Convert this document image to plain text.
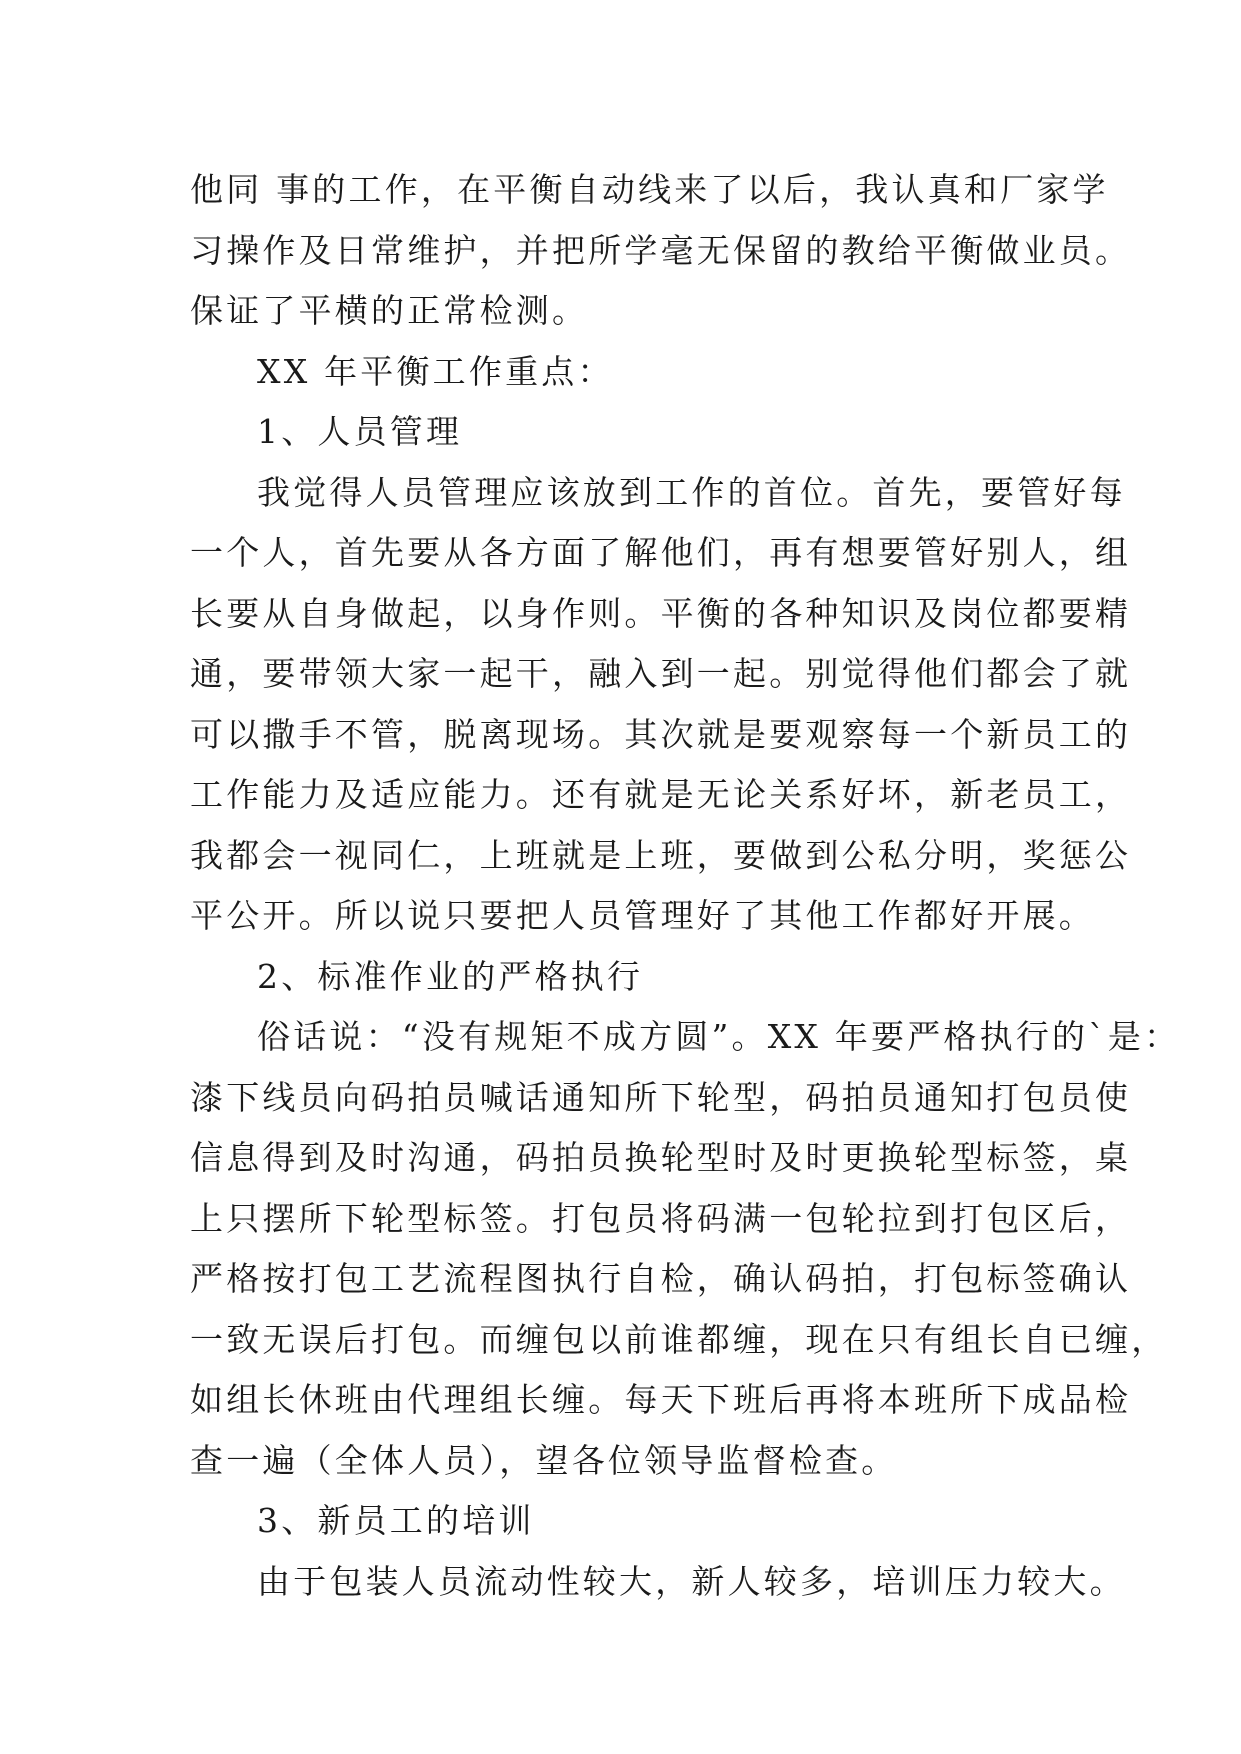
他同 事的工作，在平衡自动线来了以后，我认真和厂家学
习操作及日常维护，并把所学毫无保留的教给平衡做业员。
保证了平横的正常检测。
XX 年平衡工作重点：
1、人员管理
我觉得人员管理应该放到工作的首位。首先，要管好每
一个人，首先要从各方面了解他们，再有想要管好别人，组
长要从自身做起，以身作则。平衡的各种知识及岗位都要精
通，要带领大家一起干，融入到一起。别觉得他们都会了就
可以撒手不管，脱离现场。其次就是要观察每一个新员工的
工作能力及适应能力。还有就是无论关系好坏，新老员工，
我都会一视同仁，上班就是上班，要做到公私分明，奖惩公
平公开。所以说只要把人员管理好了其他工作都好开展。
2、标准作业的严格执行
俗话说：“没有规矩不成方圆”。XX 年要严格执行的`是：
漆下线员向码拍员喊话通知所下轮型，码拍员通知打包员使
信息得到及时沟通，码拍员换轮型时及时更换轮型标签，桌
上只摆所下轮型标签。打包员将码满一包轮拉到打包区后，
严格按打包工艺流程图执行自检，确认码拍，打包标签确认
一致无误后打包。而缠包以前谁都缠，现在只有组长自已缠，
如组长休班由代理组长缠。每天下班后再将本班所下成品检
查一遍（全体人员），望各位领导监督检查。
3、新员工的培训
由于包装人员流动性较大，新人较多，培训压力较大。
